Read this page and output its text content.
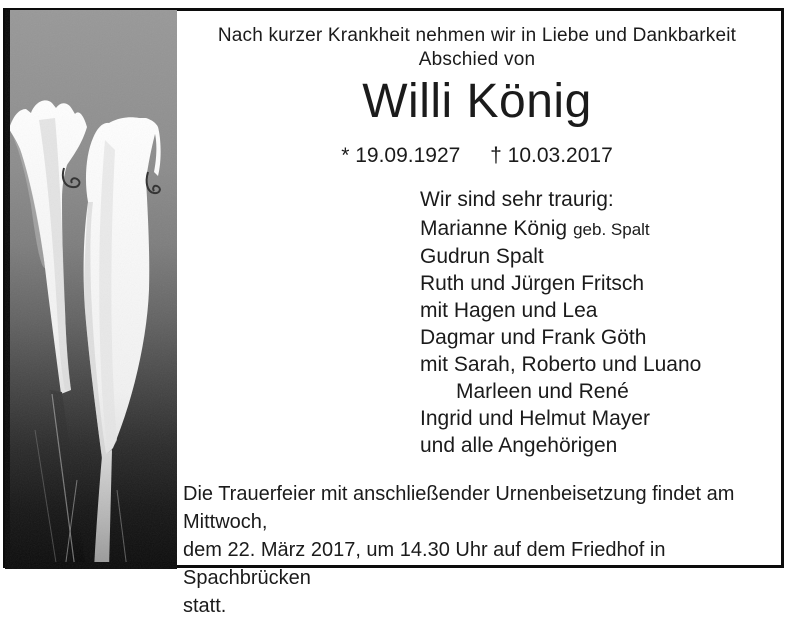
Nach kurzer Krankheit nehmen wir in Liebe und Dankbarkeit Abschied von

Willi König

* 19.09.1927 † 10.03.2017

Wir sind sehr traurig:

Marianne König geb. Spalt
Gudrun Spalt
Ruth und Jürgen Fritsch
mit Hagen und Lea
Dagmar und Frank Göth
mit Sarah, Roberto und Luano
Marleen und René
Ingrid und Helmut Mayer
und alle Angehörigen
Die Trauerfeier mit anschließender Urnenbeisetzung findet am Mittwoch,
dem 22. März 2017, um 14.30 Uhr auf dem Friedhof in Spachbrücken
statt.
